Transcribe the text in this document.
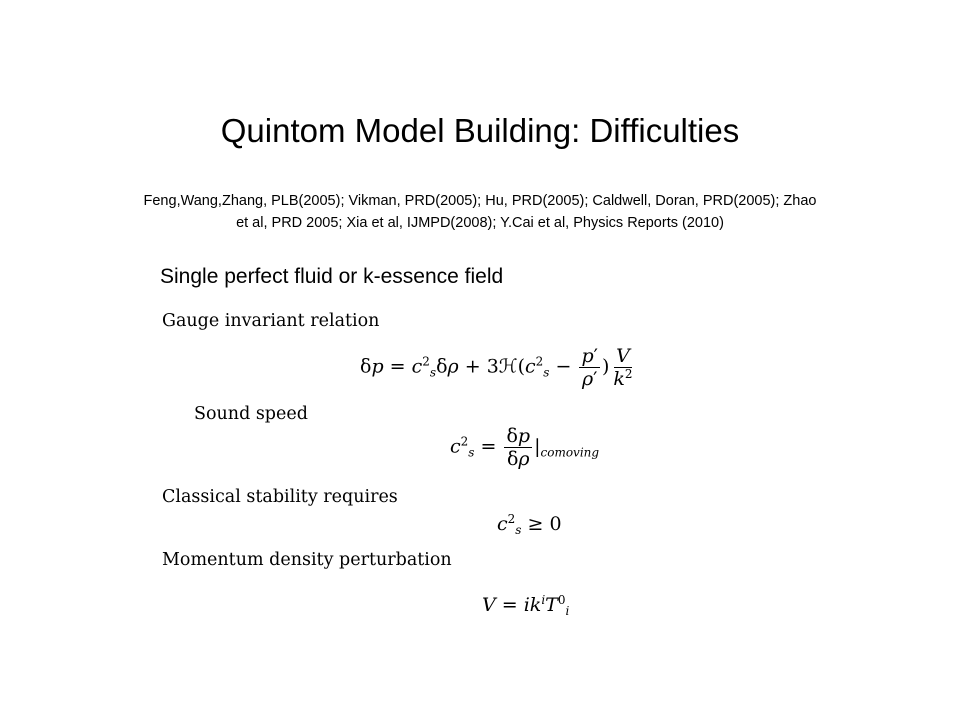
Quintom Model Building: Difficulties
Feng,Wang,Zhang, PLB(2005); Vikman, PRD(2005); Hu, PRD(2005); Caldwell, Doran, PRD(2005); Zhao
et al, PRD 2005; Xia et al, IJMPD(2008); Y.Cai et al, Physics Reports (2010)
Single perfect fluid or k-essence field
Gauge invariant relation
$\delta p = c^2_s\delta\rho$ + $3ℋ(c^2_s - \frac{p'}{\rho'}$ ) $\frac{V}{k^2}$
Sound speed
$c^2_s = \frac{\delta p}{\delta\rho} |_{comoving}$
Classical stability requires
$c^2_s \ge 0$
Momentum density perturbation
$V = ik^iT^0_i$
